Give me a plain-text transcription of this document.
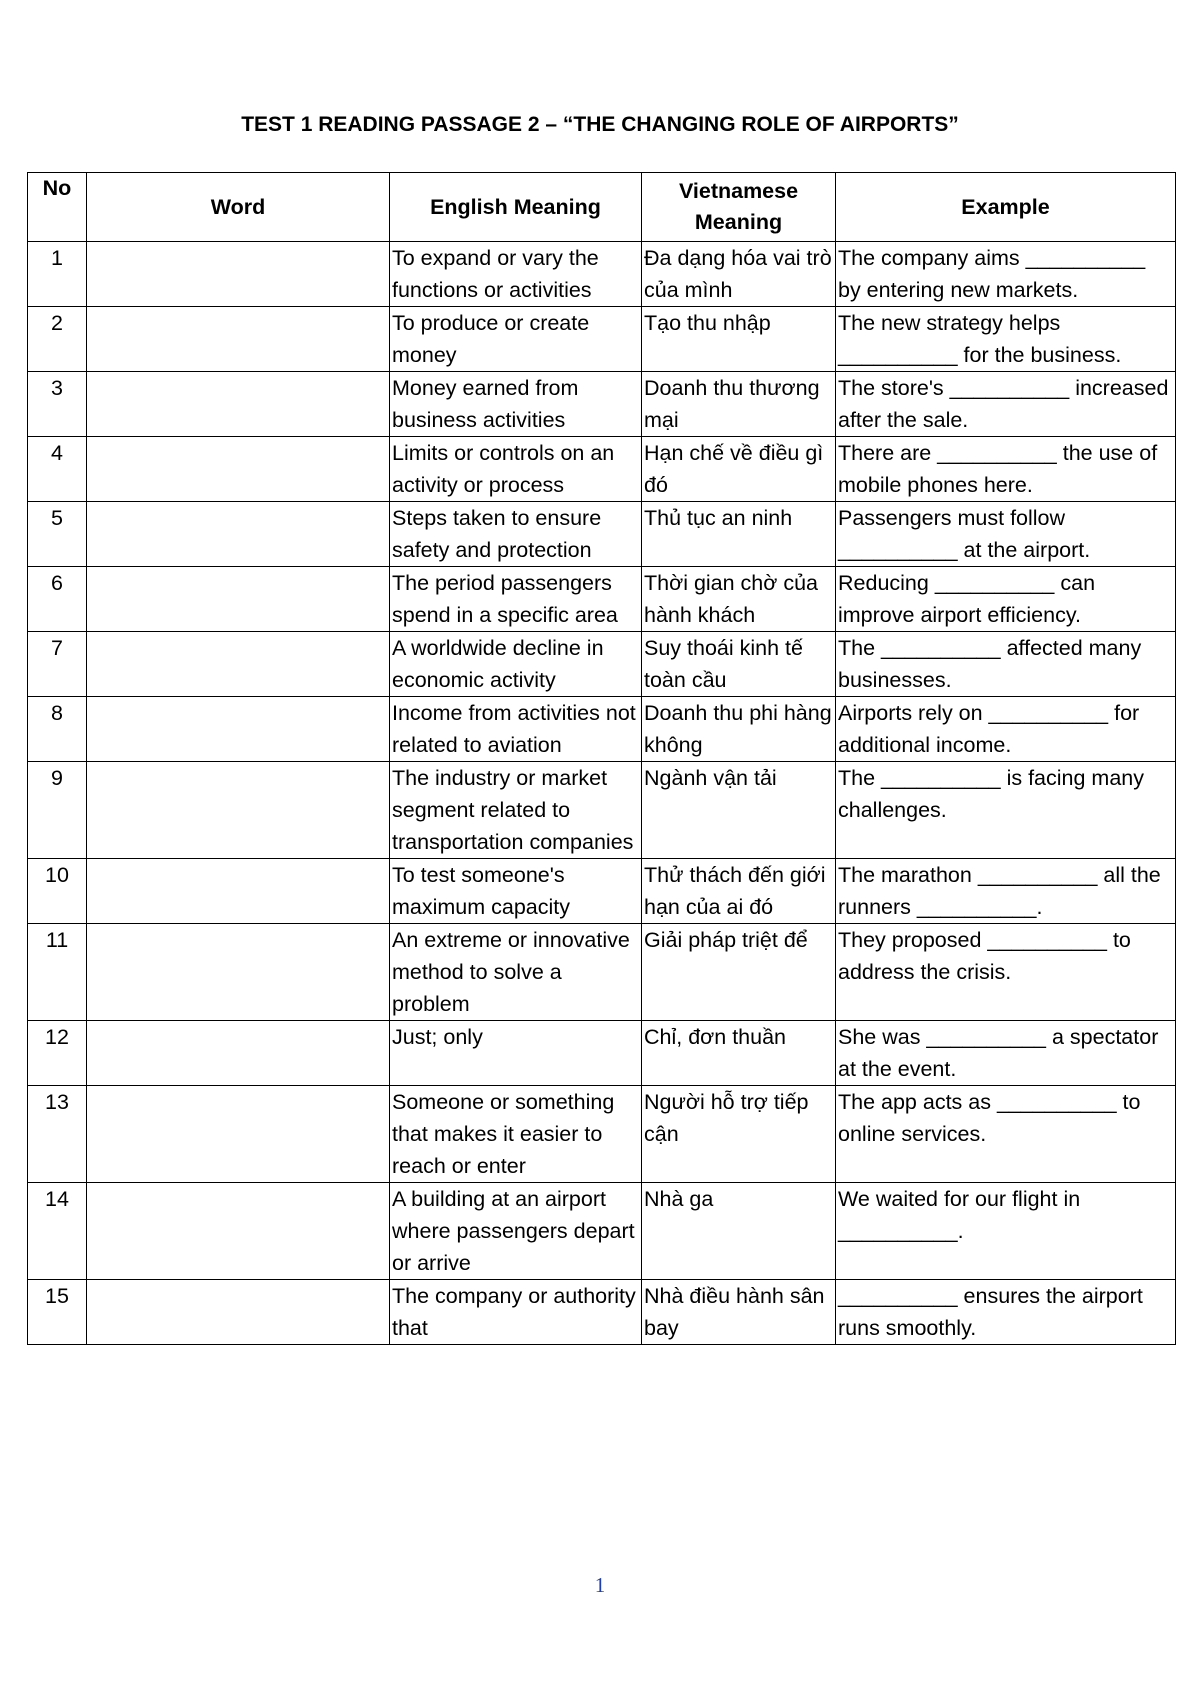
TEST 1 READING PASSAGE 2 – “THE CHANGING ROLE OF AIRPORTS”
No	Word	English Meaning	Vietnamese Meaning	Example
1		To expand or vary the functions or activities	Đa dạng hóa vai trò của mình	The company aims __________ by entering new markets.
2		To produce or create money	Tạo thu nhập	The new strategy helps __________ for the business.
3		Money earned from business activities	Doanh thu thương mại	The store's __________ increased after the sale.
4		Limits or controls on an activity or process	Hạn chế về điều gì đó	There are __________ the use of mobile phones here.
5		Steps taken to ensure safety and protection	Thủ tục an ninh	Passengers must follow __________ at the airport.
6		The period passengers spend in a specific area	Thời gian chờ của hành khách	Reducing __________ can improve airport efficiency.
7		A worldwide decline in economic activity	Suy thoái kinh tế toàn cầu	The __________ affected many businesses.
8		Income from activities not related to aviation	Doanh thu phi hàng không	Airports rely on __________ for additional income.
9		The industry or market segment related to transportation companies	Ngành vận tải	The __________ is facing many challenges.
10		To test someone's maximum capacity	Thử thách đến giới hạn của ai đó	The marathon __________ all the runners __________.
11		An extreme or innovative method to solve a problem	Giải pháp triệt để	They proposed __________ to address the crisis.
12		Just; only	Chỉ, đơn thuần	She was __________ a spectator at the event.
13		Someone or something that makes it easier to reach or enter	Người hỗ trợ tiếp cận	The app acts as __________ to online services.
14		A building at an airport where passengers depart or arrive	Nhà ga	We waited for our flight in __________.
15		The company or authority that	Nhà điều hành sân bay	__________ ensures the airport runs smoothly.
1
